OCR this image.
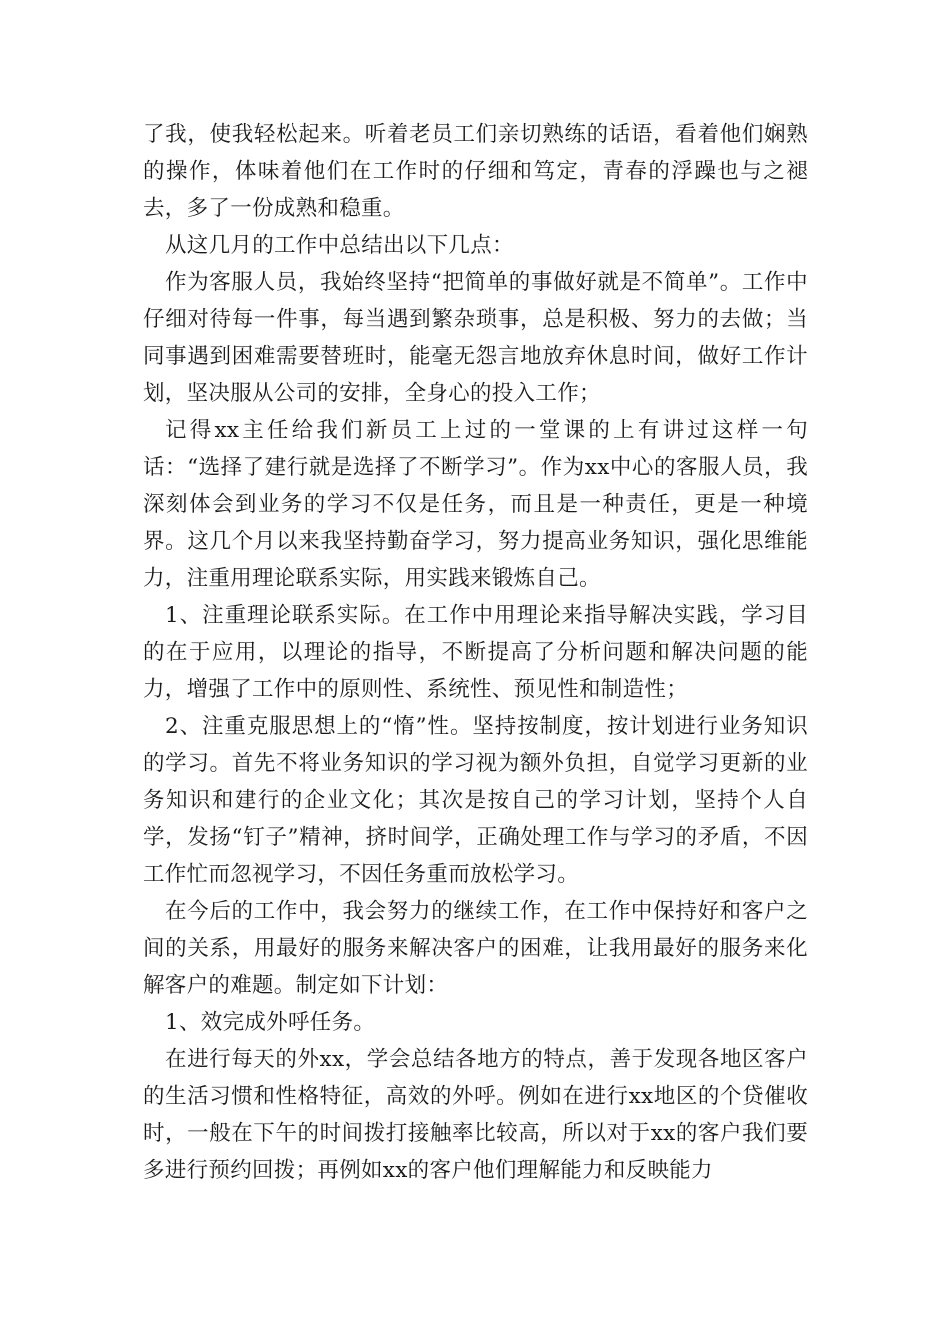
了我，使我轻松起来。听着老员工们亲切熟练的话语，看着他们娴熟的操作，体味着他们在工作时的仔细和笃定，青春的浮躁也与之褪去，多了一份成熟和稳重。

从这几月的工作中总结出以下几点：

作为客服人员，我始终坚持“把简单的事做好就是不简单”。工作中仔细对待每一件事，每当遇到繁杂琐事，总是积极、努力的去做；当同事遇到困难需要替班时，能毫无怨言地放弃休息时间，做好工作计划，坚决服从公司的安排，全身心的投入工作；

记得xx主任给我们新员工上过的一堂课的上有讲过这样一句话：“选择了建行就是选择了不断学习”。作为xx中心的客服人员，我深刻体会到业务的学习不仅是任务，而且是一种责任，更是一种境界。这几个月以来我坚持勤奋学习，努力提高业务知识，强化思维能力，注重用理论联系实际，用实践来锻炼自己。

1、注重理论联系实际。在工作中用理论来指导解决实践，学习目的在于应用，以理论的指导，不断提高了分析问题和解决问题的能力，增强了工作中的原则性、系统性、预见性和制造性；

2、注重克服思想上的“惰”性。坚持按制度，按计划进行业务知识的学习。首先不将业务知识的学习视为额外负担，自觉学习更新的业务知识和建行的企业文化；其次是按自己的学习计划，坚持个人自学，发扬“钉子”精神，挤时间学，正确处理工作与学习的矛盾，不因工作忙而忽视学习，不因任务重而放松学习。

在今后的工作中，我会努力的继续工作，在工作中保持好和客户之间的关系，用最好的服务来解决客户的困难，让我用最好的服务来化解客户的难题。制定如下计划：

1、效完成外呼任务。

在进行每天的外xx，学会总结各地方的特点，善于发现各地区客户的生活习惯和性格特征，高效的外呼。例如在进行xx地区的个贷催收时，一般在下午的时间拨打接触率比较高，所以对于xx的客户我们要多进行预约回拨；再例如xx的客户他们理解能力和反映能力
